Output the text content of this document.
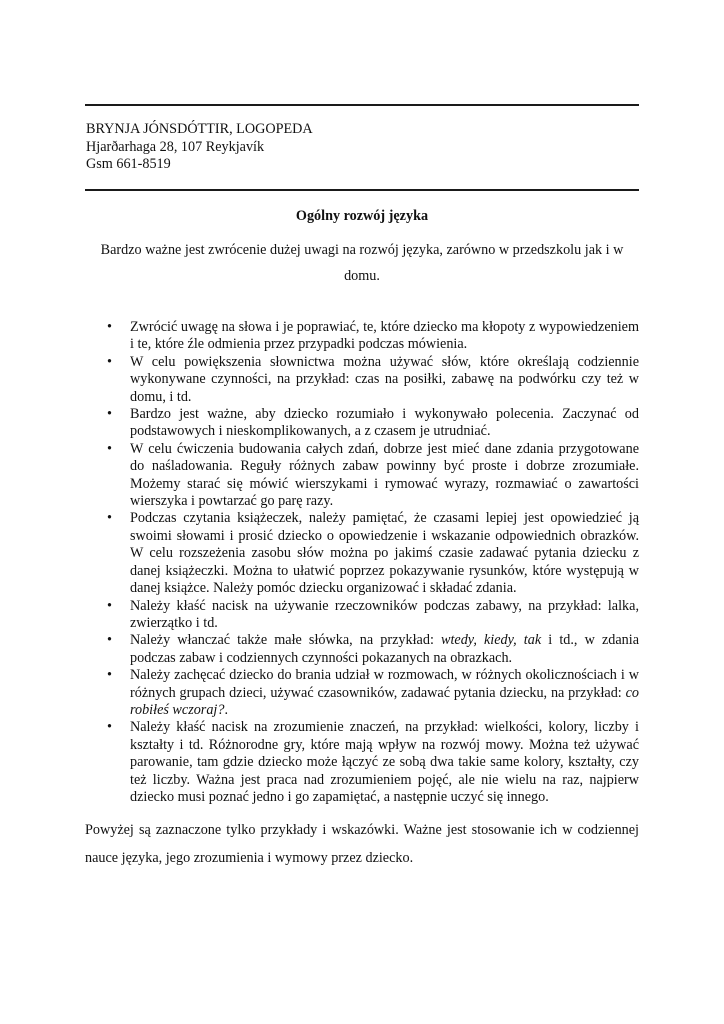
BRYNJA JÓNSDÓTTIR, LOGOPEDA
Hjarðarhaga 28, 107 Reykjavík
Gsm 661-8519
Ogólny rozwój języka
Bardzo ważne jest zwrócenie dużej uwagi na rozwój języka, zarówno w przedszkolu jak i w domu.
• Zwrócić uwagę na słowa i je poprawiać, te, które dziecko ma kłopoty z wypowiedzeniem i te, które źle odmienia przez przypadki podczas mówienia.
• W celu powiększenia słownictwa można używać słów, które określają codziennie wykonywane czynności, na przykład: czas na posiłki, zabawę na podwórku czy też w domu, i td.
• Bardzo jest ważne, aby dziecko rozumiało i wykonywało polecenia. Zaczynać od podstawowych i nieskomplikowanych, a z czasem je utrudniać.
• W celu ćwiczenia budowania całych zdań, dobrze jest mieć dane zdania przygotowane do naśladowania. Reguły różnych zabaw powinny być proste i dobrze zrozumiałe. Możemy starać się mówić wierszykami i rymować wyrazy, rozmawiać o zawartości wierszyka i powtarzać go parę razy.
• Podczas czytania książeczek, należy pamiętać, że czasami lepiej jest opowiedzieć ją swoimi słowami i prosić dziecko o opowiedzenie i wskazanie odpowiednich obrazków. W celu rozszeżenia zasobu słów można po jakimś czasie zadawać pytania dziecku z danej książeczki. Można to ułatwić poprzez pokazywanie rysunków, które występują w danej książce. Należy pomóc dziecku organizować i składać zdania.
• Należy kłaść nacisk na używanie rzeczowników podczas zabawy, na przykład: lalka, zwierzątko i td.
• Należy włanczać także małe słówka, na przykład: wtedy, kiedy, tak i td., w zdania podczas zabaw i codziennych czynności pokazanych na obrazkach.
• Należy zachęcać dziecko do brania udział w rozmowach, w różnych okolicznościach i w różnych grupach dzieci, używać czasowników, zadawać pytania dziecku, na przykład: co robiłeś wczoraj?.
• Należy kłaść nacisk na zrozumienie znaczeń, na przykład: wielkości, kolory, liczby i kształty i td. Różnorodne gry, które mają wpływ na rozwój mowy. Można też używać parowanie, tam gdzie dziecko może łączyć ze sobą dwa takie same kolory, kształty, czy też liczby. Ważna jest praca nad zrozumieniem pojęć, ale nie wielu na raz, najpierw dziecko musi poznać jedno i go zapamiętać, a następnie uczyć się innego.
Powyżej są zaznaczone tylko przykłady i wskazówki. Ważne jest stosowanie ich w codziennej nauce języka, jego zrozumienia i wymowy przez dziecko.
